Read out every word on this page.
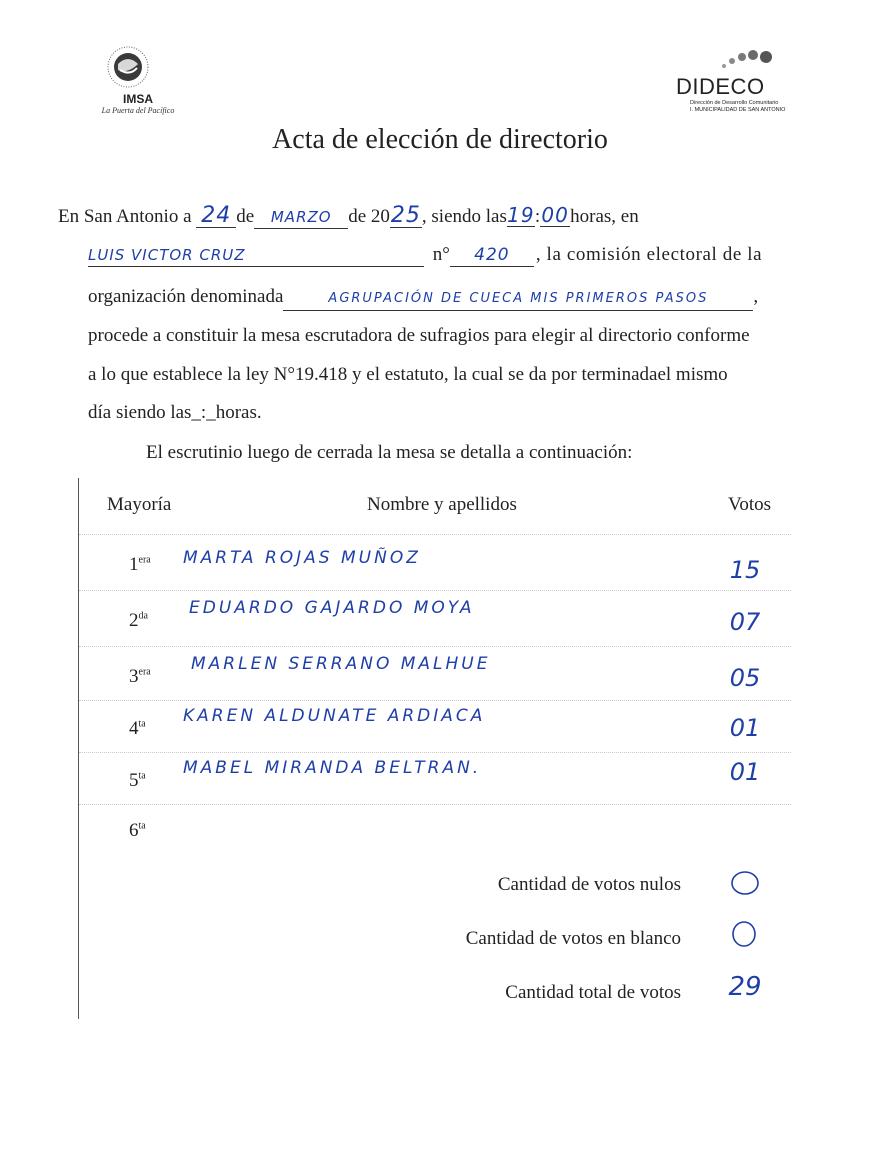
IMSA
La Puerta del Pacífico
DIDECO
Dirección de Desarrollo Comunitario
I. MUNICIPALIDAD DE SAN ANTONIO
Acta de elección de directorio
En San Antonio a 24 de MARZO de 2025, siendo las19:00horas, en
LUIS VICTOR CRUZ	n° 420 , la comisión electoral de la
organización denominada	AGRUPACIÓN DE CUECA MIS PRIMEROS PASOS ,
procede a constituir la mesa escrutadora de sufragios para elegir al directorio conforme
a lo que establece la ley N°19.418 y el estatuto, la cual se da por terminadael mismo
día siendo las_:_horas.
El escrutinio luego de cerrada la mesa se detalla a continuación:
Mayoría	Nombre y apellidos	Votos
$1^{era}$ MARTA ROJAS MUÑOZ	15
$2^{da}$ EDUARDO GAJARDO MOYA	07
$3^{era}$ MARLEN SERRANO MALHUE	05
$4^{ta}$ KAREN ALDUNATE ARDIACA	01
$5^{ta}$ MABEL MIRANDA BELTRAN.	01
$6^{ta}$
Cantidad de votos nulos
Cantidad de votos en blanco
Cantidad total de votos	29
